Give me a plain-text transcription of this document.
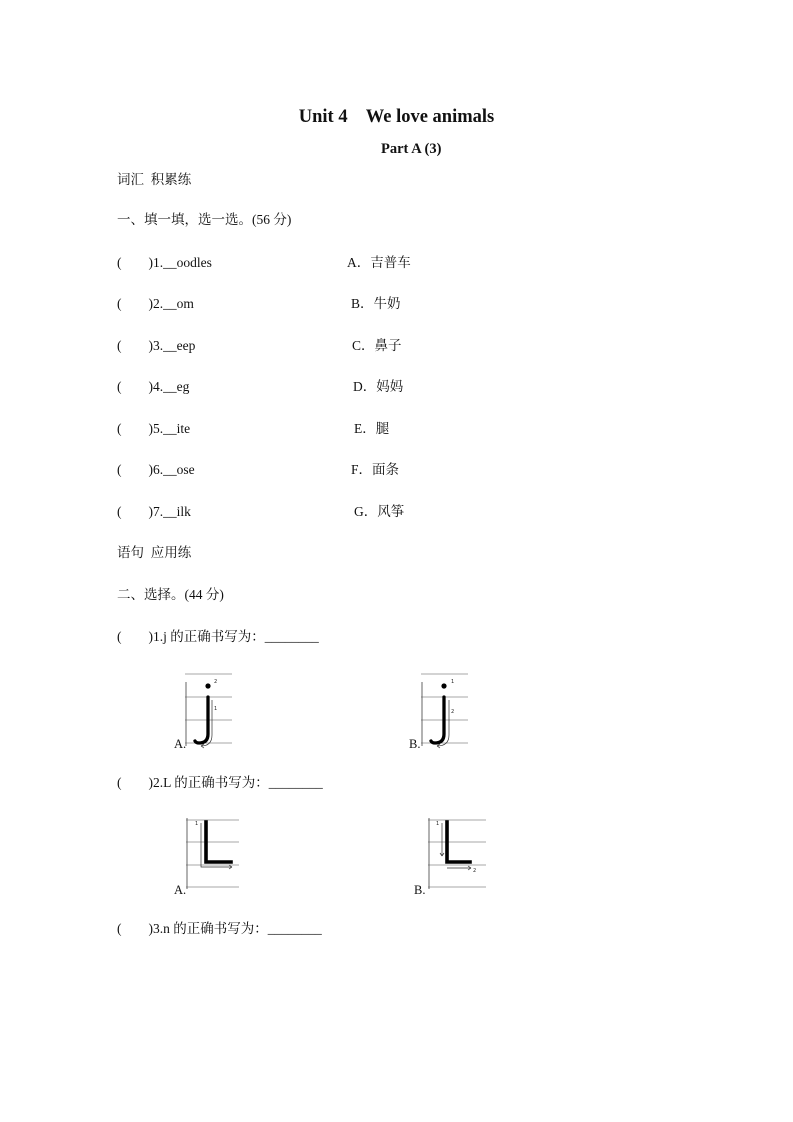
Unit 4    We love animals
Part A (3)
词汇  积累练
一、填一填，选一选。(56 分)
(        )1.__oodles	A．吉普车
(        )2.__om	B．牛奶
(        )3.__eep	C．鼻子
(        )4.__eg	D．妈妈
(        )5.__ite	E．腿
(        )6.__ose	F．面条
(        )7.__ilk	G．风筝
语句  应用练
二、选择。(44 分)
(        )1.j 的正确书写为：________
2
1
A.
1
2
B.
(        )2.L 的正确书写为：________
1
A.
1
2
B.
(        )3.n 的正确书写为：________
